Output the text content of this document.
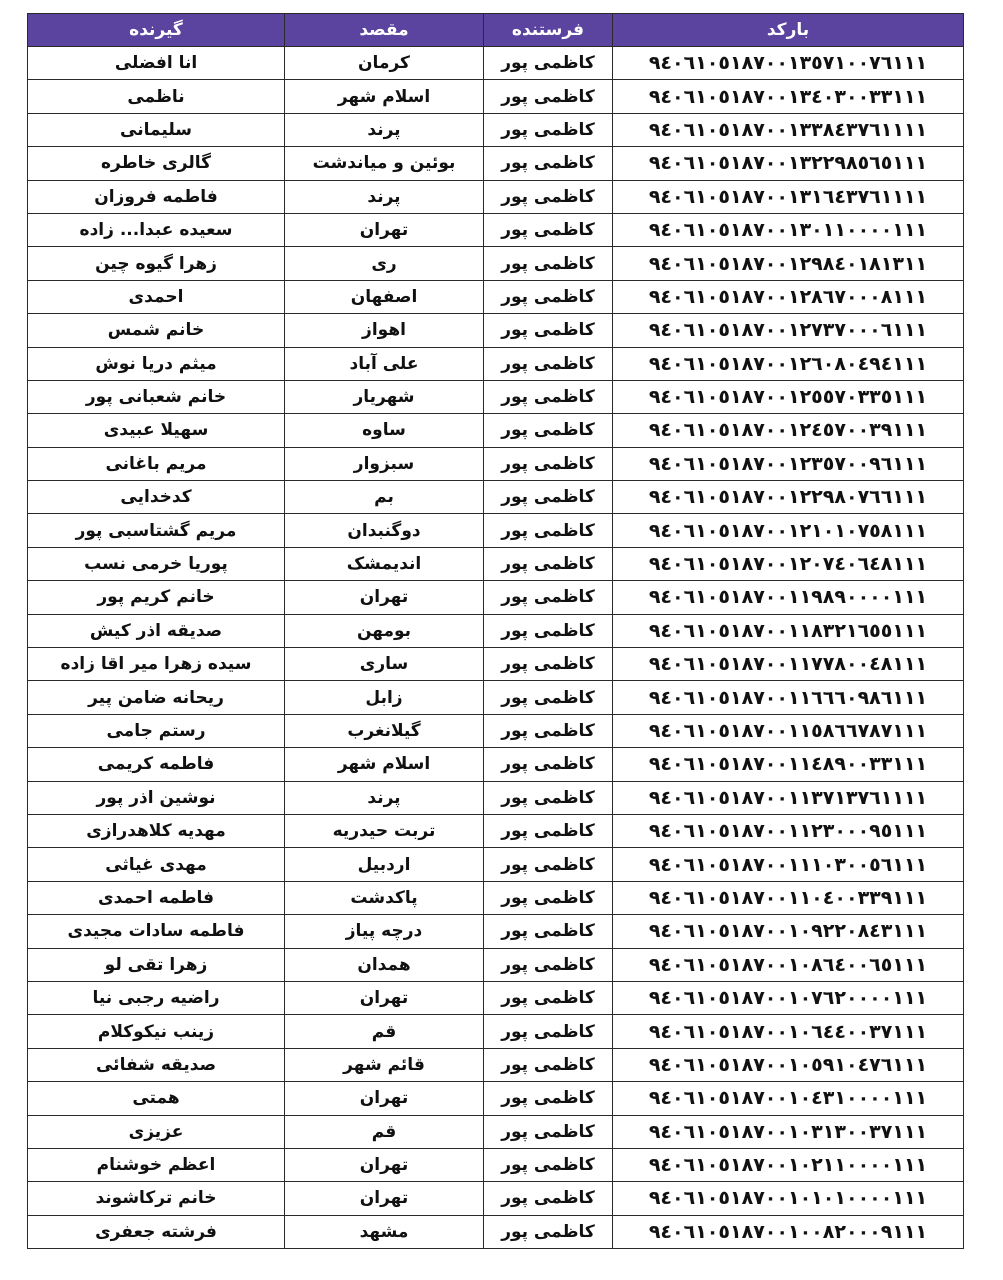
بارکد	فرستنده	مقصد	گیرنده
۹٤٠٦١٠٥١٨٧٠٠١٣٥٧١٠٠٧٦١١١	کاظمی پور	کرمان	انا افضلی
۹٤٠٦١٠٥١٨٧٠٠١٣٤٠٣٠٠٣٣١١١	کاظمی پور	اسلام شهر	ناظمی
۹٤٠٦١٠٥١٨٧٠٠١٣٣٨٤٣٧٦١١١١	کاظمی پور	پرند	سلیمانی
۹٤٠٦١٠٥١٨٧٠٠١٣٢٢٩٨٥٦٥١١١	کاظمی پور	بوئین و میاندشت	گالری خاطره
۹٤٠٦١٠٥١٨٧٠٠١٣١٦٤٣٧٦١١١١	کاظمی پور	پرند	فاطمه فروزان
۹٤٠٦١٠٥١٨٧٠٠١٣٠١١٠٠٠٠١١١	کاظمی پور	تهران	سعیده عبدا... زاده
۹٤٠٦١٠٥١٨٧٠٠١٢٩٨٤٠١٨١٣١١	کاظمی پور	ری	زهرا گیوه چین
۹٤٠٦١٠٥١٨٧٠٠١٢٨٦٧٠٠٠٨١١١	کاظمی پور	اصفهان	احمدی
۹٤٠٦١٠٥١٨٧٠٠١٢٧٣٧٠٠٠٦١١١	کاظمی پور	اهواز	خانم شمس
۹٤٠٦١٠٥١٨٧٠٠١٢٦٠٨٠٤٩٤١١١	کاظمی پور	علی آباد	میثم دریا نوش
۹٤٠٦١٠٥١٨٧٠٠١٢٥٥٧٠٣٣٥١١١	کاظمی پور	شهریار	خانم شعبانی پور
۹٤٠٦١٠٥١٨٧٠٠١٢٤٥٧٠٠٣٩١١١	کاظمی پور	ساوه	سهیلا عبیدی
۹٤٠٦١٠٥١٨٧٠٠١٢٣٥٧٠٠٩٦١١١	کاظمی پور	سبزوار	مریم باغانی
۹٤٠٦١٠٥١٨٧٠٠١٢٢٩٨٠٧٦٦١١١	کاظمی پور	بم	کدخدایی
۹٤٠٦١٠٥١٨٧٠٠١٢١٠١٠٧٥٨١١١	کاظمی پور	دوگنبدان	مریم گشتاسبی پور
۹٤٠٦١٠٥١٨٧٠٠١٢٠٧٤٠٦٤٨١١١	کاظمی پور	اندیمشک	پوریا خرمی نسب
۹٤٠٦١٠٥١٨٧٠٠١١٩٨٩٠٠٠٠١١١	کاظمی پور	تهران	خانم کریم پور
۹٤٠٦١٠٥١٨٧٠٠١١٨٣٢١٦٥٥١١١	کاظمی پور	بومهن	صدیقه اذر کیش
۹٤٠٦١٠٥١٨٧٠٠١١٧٧٨٠٠٤٨١١١	کاظمی پور	ساری	سیده زهرا میر اقا زاده
۹٤٠٦١٠٥١٨٧٠٠١١٦٦٦٠٩٨٦١١١	کاظمی پور	زابل	ریحانه ضامن پیر
۹٤٠٦١٠٥١٨٧٠٠١١٥٨٦٦٧٨٧١١١	کاظمی پور	گیلانغرب	رستم جامی
۹٤٠٦١٠٥١٨٧٠٠١١٤٨٩٠٠٣٣١١١	کاظمی پور	اسلام شهر	فاطمه کریمی
۹٤٠٦١٠٥١٨٧٠٠١١٣٧١٣٧٦١١١١	کاظمی پور	پرند	نوشین اذر پور
۹٤٠٦١٠٥١٨٧٠٠١١٢٣٠٠٠٩٥١١١	کاظمی پور	تربت حیدریه	مهدیه کلاهدرازی
۹٤٠٦١٠٥١٨٧٠٠١١١٠٣٠٠٥٦١١١	کاظمی پور	اردبیل	مهدی غیاثی
۹٤٠٦١٠٥١٨٧٠٠١١٠٤٠٠٣٣٩١١١	کاظمی پور	پاکدشت	فاطمه احمدی
۹٤٠٦١٠٥١٨٧٠٠١٠٩٢٢٠٨٤٣١١١	کاظمی پور	درچه پیاز	فاطمه سادات مجیدی
۹٤٠٦١٠٥١٨٧٠٠١٠٨٦٤٠٠٦٥١١١	کاظمی پور	همدان	زهرا تقی لو
۹٤٠٦١٠٥١٨٧٠٠١٠٧٦٢٠٠٠٠١١١	کاظمی پور	تهران	راضیه رجبی نیا
۹٤٠٦١٠٥١٨٧٠٠١٠٦٤٤٠٠٣٧١١١	کاظمی پور	قم	زینب نیکوکلام
۹٤٠٦١٠٥١٨٧٠٠١٠٥٩١٠٤٧٦١١١	کاظمی پور	قائم شهر	صدیقه شفائی
۹٤٠٦١٠٥١٨٧٠٠١٠٤٣١٠٠٠٠١١١	کاظمی پور	تهران	همتی
۹٤٠٦١٠٥١٨٧٠٠١٠٣١٣٠٠٣٧١١١	کاظمی پور	قم	عزیزی
۹٤٠٦١٠٥١٨٧٠٠١٠٢١١٠٠٠٠١١١	کاظمی پور	تهران	اعظم خوشنام
۹٤٠٦١٠٥١٨٧٠٠١٠١٠١٠٠٠٠١١١	کاظمی پور	تهران	خانم ترکاشوند
۹٤٠٦١٠٥١٨٧٠٠١٠٠٨٢٠٠٠٩١١١	کاظمی پور	مشهد	فرشته جعفری
